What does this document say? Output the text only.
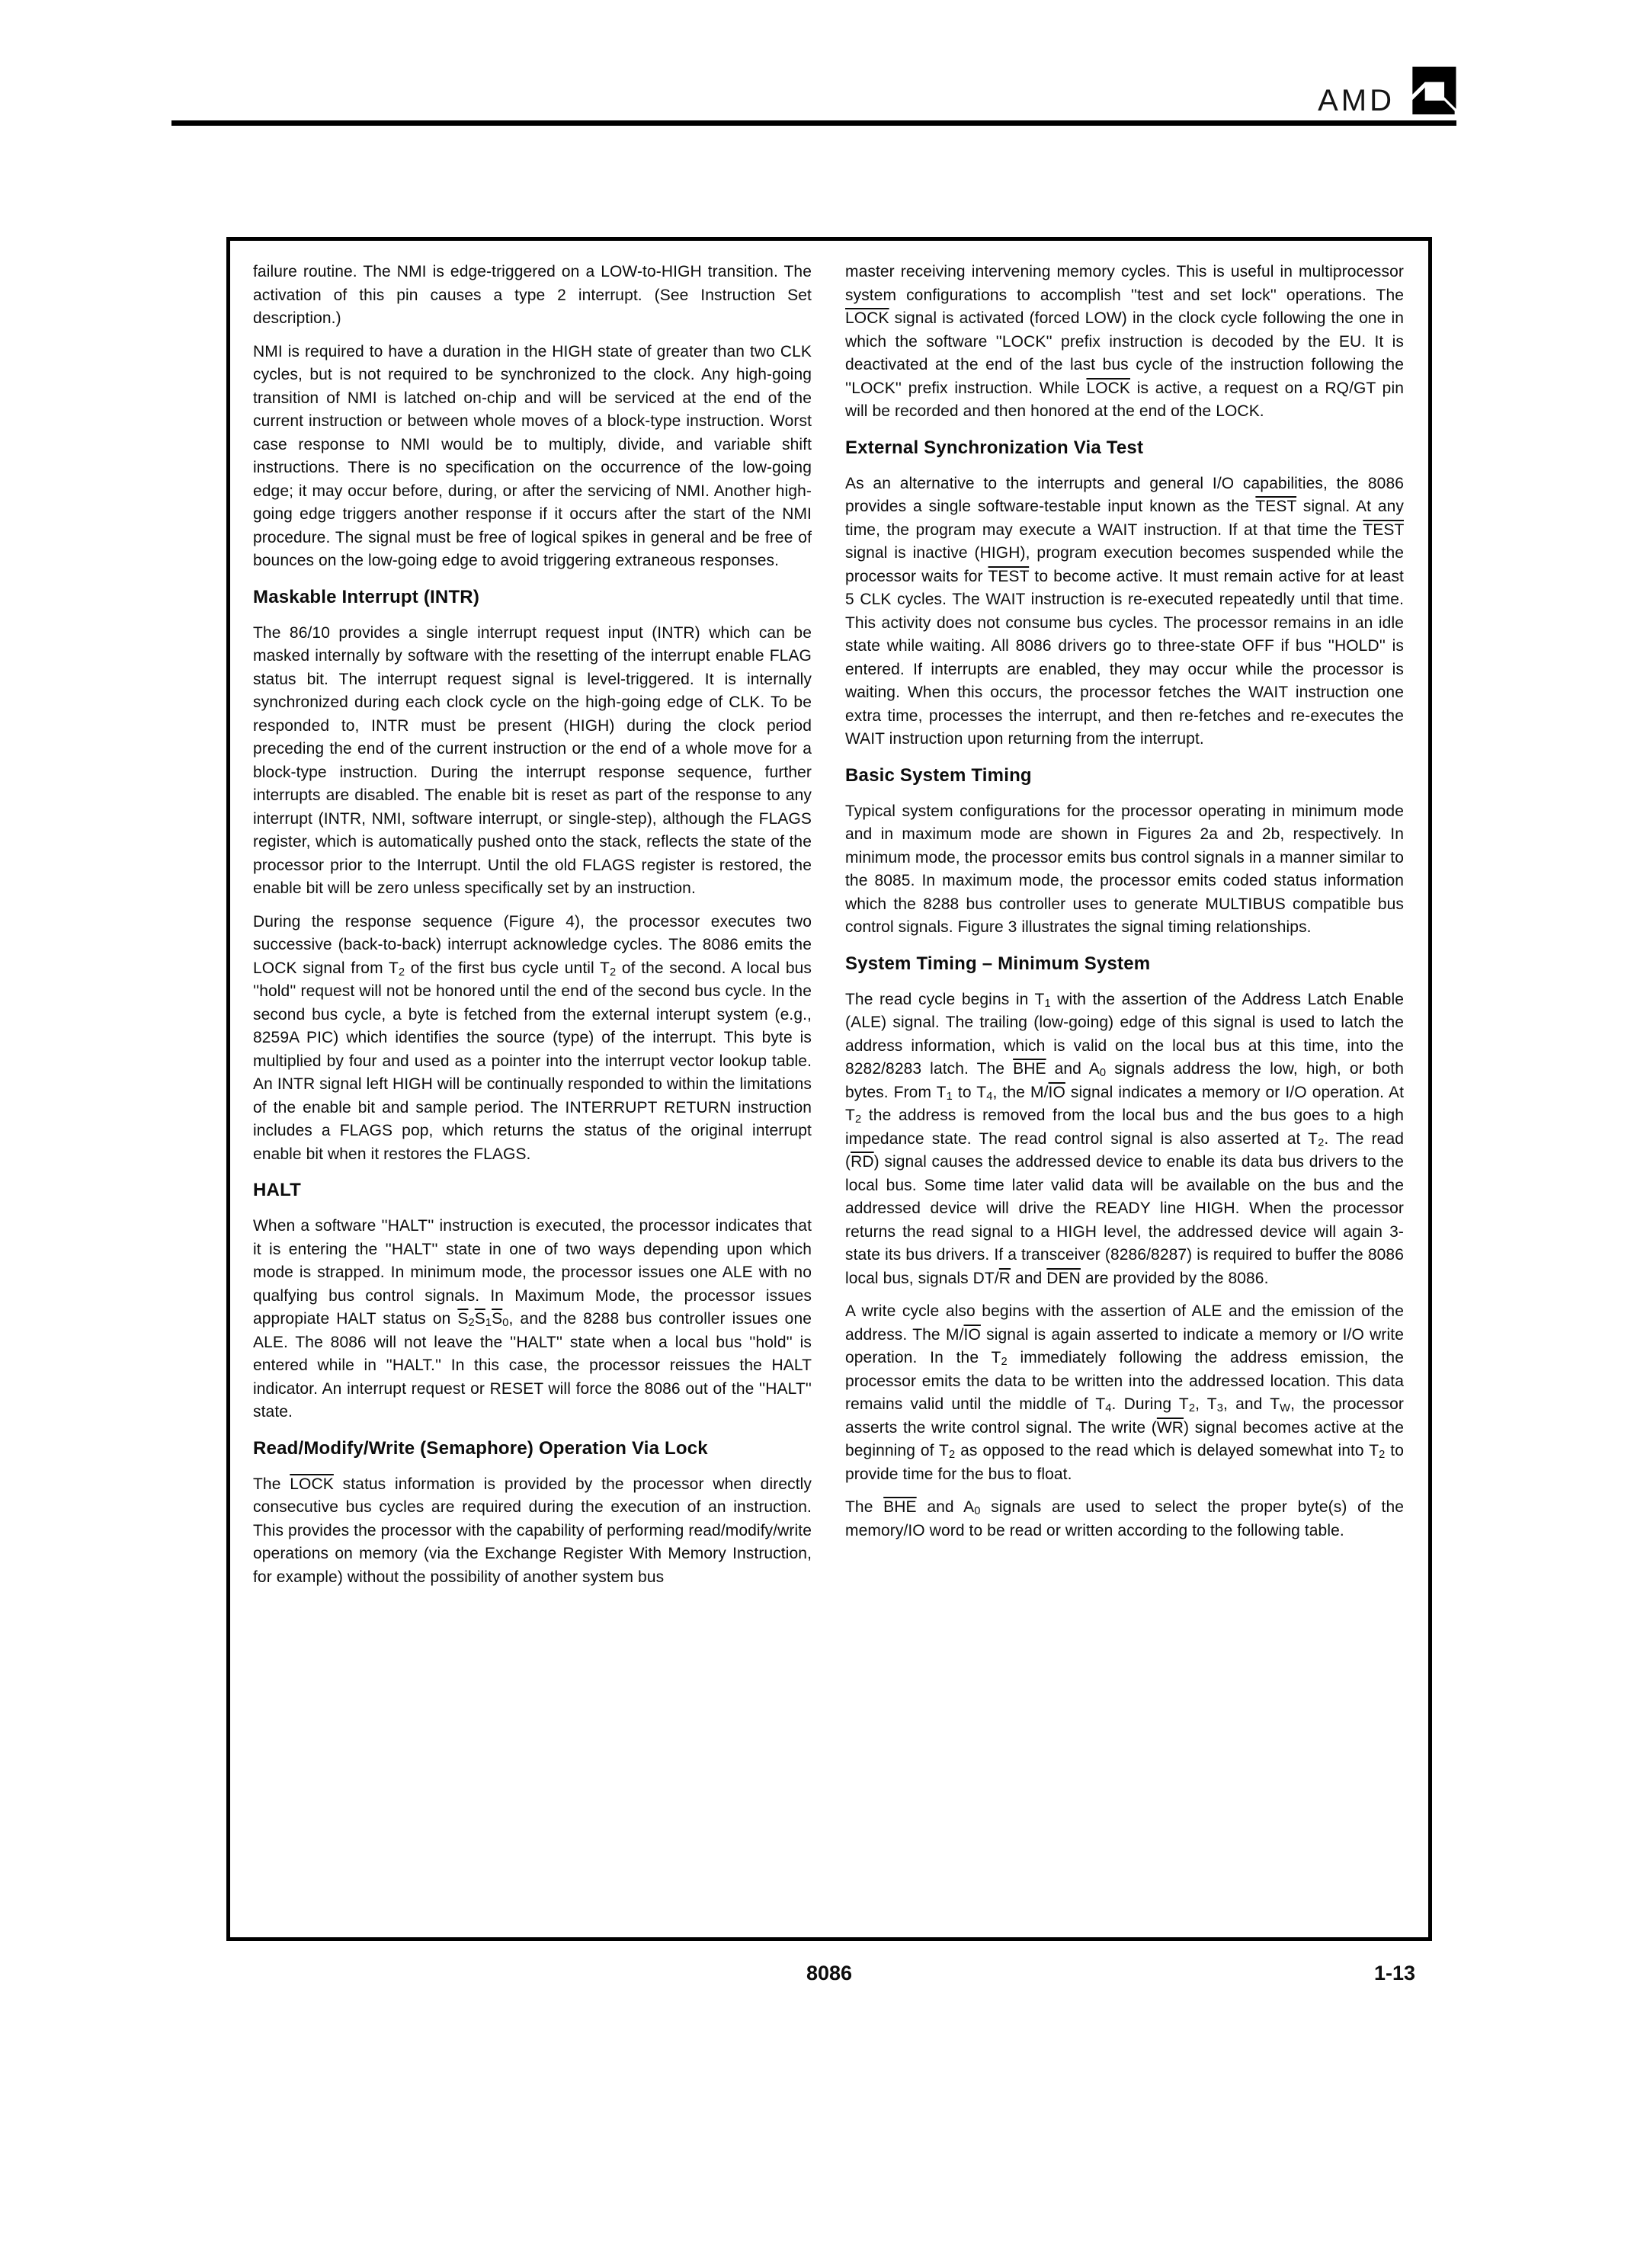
AMD

failure routine. The NMI is edge-triggered on a LOW-to-HIGH transition. The activation of this pin causes a type 2 interrupt. (See Instruction Set description.)

NMI is required to have a duration in the HIGH state of greater than two CLK cycles, but is not required to be synchronized to the clock. Any high-going transition of NMI is latched on-chip and will be serviced at the end of the current instruction or between whole moves of a block-type instruction. Worst case response to NMI would be to multiply, divide, and variable shift instructions. There is no specification on the occurrence of the low-going edge; it may occur before, during, or after the servicing of NMI. Another high-going edge triggers another response if it occurs after the start of the NMI procedure. The signal must be free of logical spikes in general and be free of bounces on the low-going edge to avoid triggering extraneous responses.

Maskable Interrupt (INTR)

The 86/10 provides a single interrupt request input (INTR) which can be masked internally by software with the resetting of the interrupt enable FLAG status bit. The interrupt request signal is level-triggered. It is internally synchronized during each clock cycle on the high-going edge of CLK. To be responded to, INTR must be present (HIGH) during the clock period preceding the end of the current instruction or the end of a whole move for a block-type instruction. During the interrupt response sequence, further interrupts are disabled. The enable bit is reset as part of the response to any interrupt (INTR, NMI, software interrupt, or single-step), although the FLAGS register, which is automatically pushed onto the stack, reflects the state of the processor prior to the Interrupt. Until the old FLAGS register is restored, the enable bit will be zero unless specifically set by an instruction.

During the response sequence (Figure 4), the processor executes two successive (back-to-back) interrupt acknowledge cycles. The 8086 emits the LOCK signal from $T_2$ of the first bus cycle until $T_2$ of the second. A local bus ''hold'' request will not be honored until the end of the second bus cycle. In the second bus cycle, a byte is fetched from the external interupt system (e.g., 8259A PIC) which identifies the source (type) of the interrupt. This byte is multiplied by four and used as a pointer into the interrupt vector lookup table. An INTR signal left HIGH will be continually responded to within the limitations of the enable bit and sample period. The INTERRUPT RETURN instruction includes a FLAGS pop, which returns the status of the original interrupt enable bit when it restores the FLAGS.

HALT

When a software ''HALT'' instruction is executed, the processor indicates that it is entering the ''HALT'' state in one of two ways depending upon which mode is strapped. In minimum mode, the processor issues one ALE with no qualfying bus control signals. In Maximum Mode, the processor issues appropiate HALT status on $\overline{S}_2\overline{S}_1\overline{S}_0$, and the 8288 bus controller issues one ALE. The 8086 will not leave the ''HALT'' state when a local bus ''hold'' is entered while in ''HALT.'' In this case, the processor reissues the HALT indicator. An interrupt request or RESET will force the 8086 out of the ''HALT'' state.

Read/Modify/Write (Semaphore) Operation Via Lock

The LOCK status information is provided by the processor when directly consecutive bus cycles are required during the execution of an instruction. This provides the processor with the capability of performing read/modify/write operations on memory (via the Exchange Register With Memory Instruction, for example) without the possibility of another system bus

master receiving intervening memory cycles. This is useful in multiprocessor system configurations to accomplish ''test and set lock'' operations. The LOCK signal is activated (forced LOW) in the clock cycle following the one in which the software ''LOCK'' prefix instruction is decoded by the EU. It is deactivated at the end of the last bus cycle of the instruction following the ''LOCK'' prefix instruction. While LOCK is active, a request on a RQ/GT pin will be recorded and then honored at the end of the LOCK.

External Synchronization Via Test

As an alternative to the interrupts and general I/O capabilities, the 8086 provides a single software-testable input known as the TEST signal. At any time, the program may execute a WAIT instruction. If at that time the TEST signal is inactive (HIGH), program execution becomes suspended while the processor waits for TEST to become active. It must remain active for at least 5 CLK cycles. The WAIT instruction is re-executed repeatedly until that time. This activity does not consume bus cycles. The processor remains in an idle state while waiting. All 8086 drivers go to three-state OFF if bus ''HOLD'' is entered. If interrupts are enabled, they may occur while the processor is waiting. When this occurs, the processor fetches the WAIT instruction one extra time, processes the interrupt, and then re-fetches and re-executes the WAIT instruction upon returning from the interrupt.

Basic System Timing

Typical system configurations for the processor operating in minimum mode and in maximum mode are shown in Figures 2a and 2b, respectively. In minimum mode, the processor emits bus control signals in a manner similar to the 8085. In maximum mode, the processor emits coded status information which the 8288 bus controller uses to generate MULTIBUS compatible bus control signals. Figure 3 illustrates the signal timing relationships.

System Timing – Minimum System

The read cycle begins in $T_1$ with the assertion of the Address Latch Enable (ALE) signal. The trailing (low-going) edge of this signal is used to latch the address information, which is valid on the local bus at this time, into the 8282/8283 latch. The $\overline{BHE}$ and $A_0$ signals address the low, high, or both bytes. From $T_1$ to $T_4$, the $M/\overline{IO}$ signal indicates a memory or I/O operation. At $T_2$ the address is removed from the local bus and the bus goes to a high impedance state. The read control signal is also asserted at $T_2$. The read $(\overline{RD})$ signal causes the addressed device to enable its data bus drivers to the local bus. Some time later valid data will be available on the bus and the addressed device will drive the READY line HIGH. When the processor returns the read signal to a HIGH level, the addressed device will again 3-state its bus drivers. If a transceiver (8286/8287) is required to buffer the 8086 local bus, signals $DT/\overline{R}$ and $\overline{DEN}$ are provided by the 8086.

A write cycle also begins with the assertion of ALE and the emission of the address. The $M/\overline{IO}$ signal is again asserted to indicate a memory or I/O write operation. In the $T_2$ immediately following the address emission, the processor emits the data to be written into the addressed location. This data remains valid until the middle of $T_4$. During $T_2$, $T_3$, and $T_W$, the processor asserts the write control signal. The write $(\overline{WR})$ signal becomes active at the beginning of $T_2$ as opposed to the read which is delayed somewhat into $T_2$ to provide time for the bus to float.

The $\overline{BHE}$ and $A_0$ signals are used to select the proper byte(s) of the memory/IO word to be read or written according to the following table.

8086	1-13
